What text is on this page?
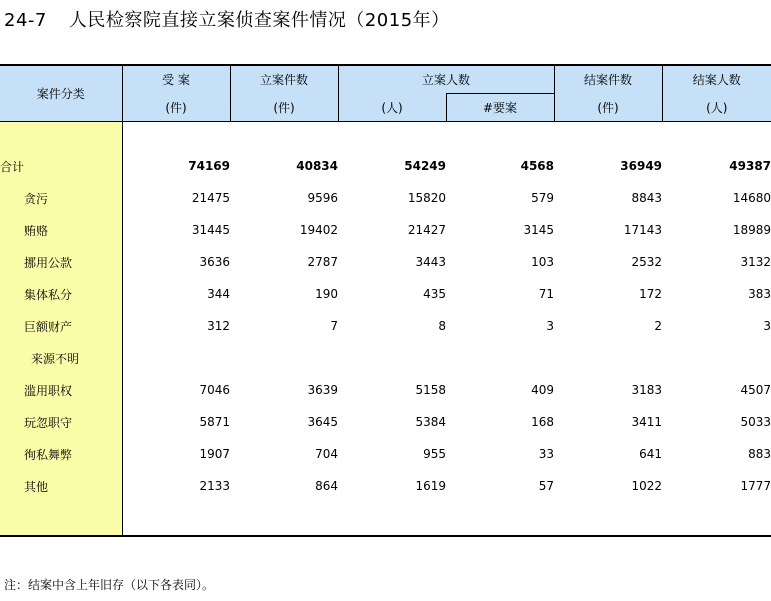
24-7 人民检察院直接立案侦查案件情况（2015年）
案件分类	受 案	立案件数	立案人数		结案件数	结案人数
	(件)	(件)	(人)	#要案	(件)	(人)

合计	74169	40834	54249	4568	36949	49387
贪污	21475	9596	15820	579	8843	14680
贿赂	31445	19402	21427	3145	17143	18989
挪用公款	3636	2787	3443	103	2532	3132
集体私分	344	190	435	71	172	383
巨额财产	312	7	8	3	2	3
来源不明						
滥用职权	7046	3639	5158	409	3183	4507
玩忽职守	5871	3645	5384	168	3411	5033
徇私舞弊	1907	704	955	33	641	883
其他	2133	864	1619	57	1022	1777

注：结案中含上年旧存（以下各表同）。
